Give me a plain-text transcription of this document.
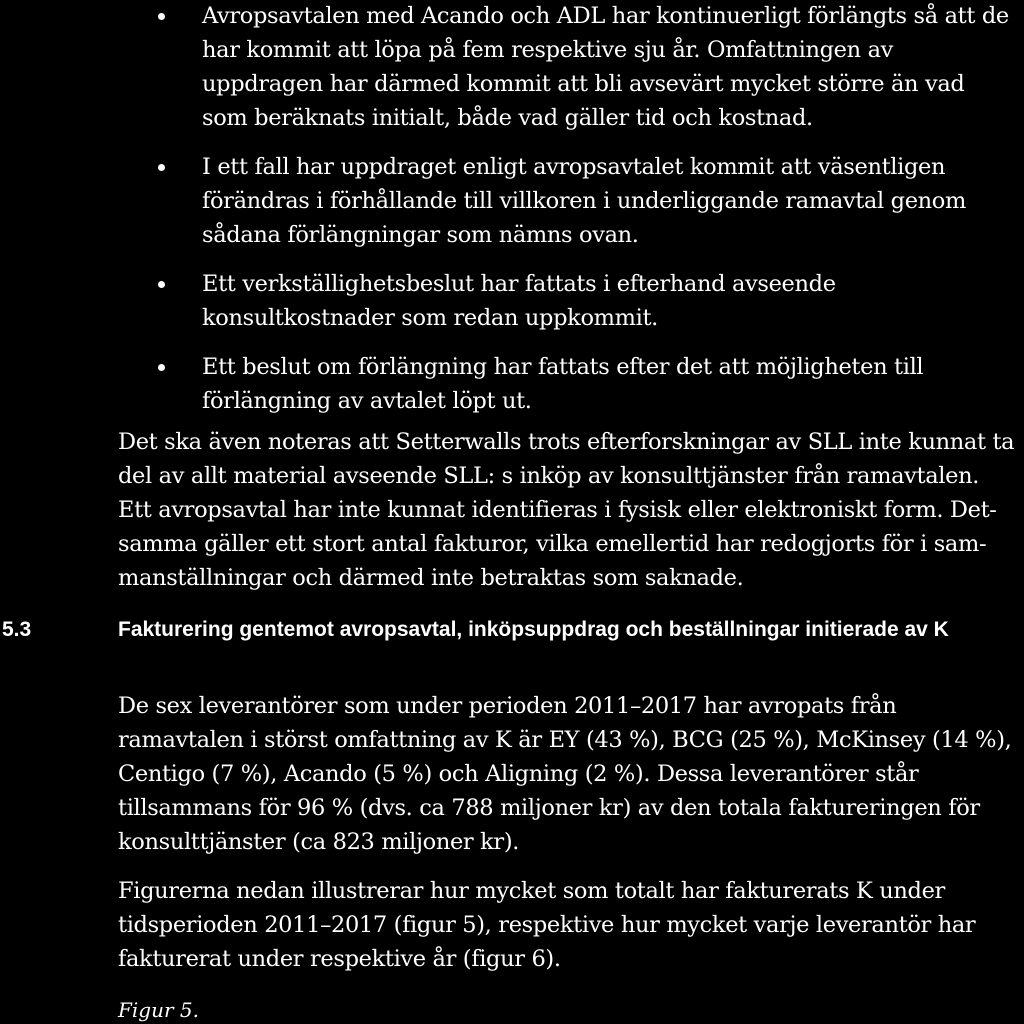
Avropsavtalen med Acando och ADL har kontinuerligt förlängts så att de har kommit att löpa på fem respektive sju år. Omfattningen av uppdragen har därmed kommit att bli avsevärt mycket större än vad som beräknats initialt, både vad gäller tid och kostnad.
I ett fall har uppdraget enligt avropsavtalet kommit att väsentligen förändras i förhållande till villkoren i underliggande ramavtal genom sådana förlängningar som nämns ovan.
Ett verkställighetsbeslut har fattats i efterhand avseende konsultkostnader som redan uppkommit.
Ett beslut om förlängning har fattats efter det att möjligheten till förlängning av avtalet löpt ut.

Det ska även noteras att Setterwalls trots efterforskningar av SLL inte kunnat ta del av allt material avseende SLL: s inköp av konsulttjänster från ramavtalen. Ett avropsavtal har inte kunnat identifieras i fysisk eller elektroniskt form. Det-samma gäller ett stort antal fakturor, vilka emellertid har redogjorts för i sam-manställningar och därmed inte betraktas som saknade.

5.3	Fakturering gentemot avropsavtal, inköpsuppdrag och beställningar initierade av K

De sex leverantörer som under perioden 2011–2017 har avropats från ramavtalen i störst omfattning av K är EY (43 %), BCG (25 %), McKinsey (14 %), Centigo (7 %), Acando (5 %) och Aligning (2 %). Dessa leverantörer står tillsammans för 96 % (dvs. ca 788 miljoner kr) av den totala faktureringen för konsulttjänster (ca 823 miljoner kr).

Figurerna nedan illustrerar hur mycket som totalt har fakturerats K under tidsperioden 2011–2017 (figur 5), respektive hur mycket varje leverantör har fakturerat under respektive år (figur 6).

Figur 5.
